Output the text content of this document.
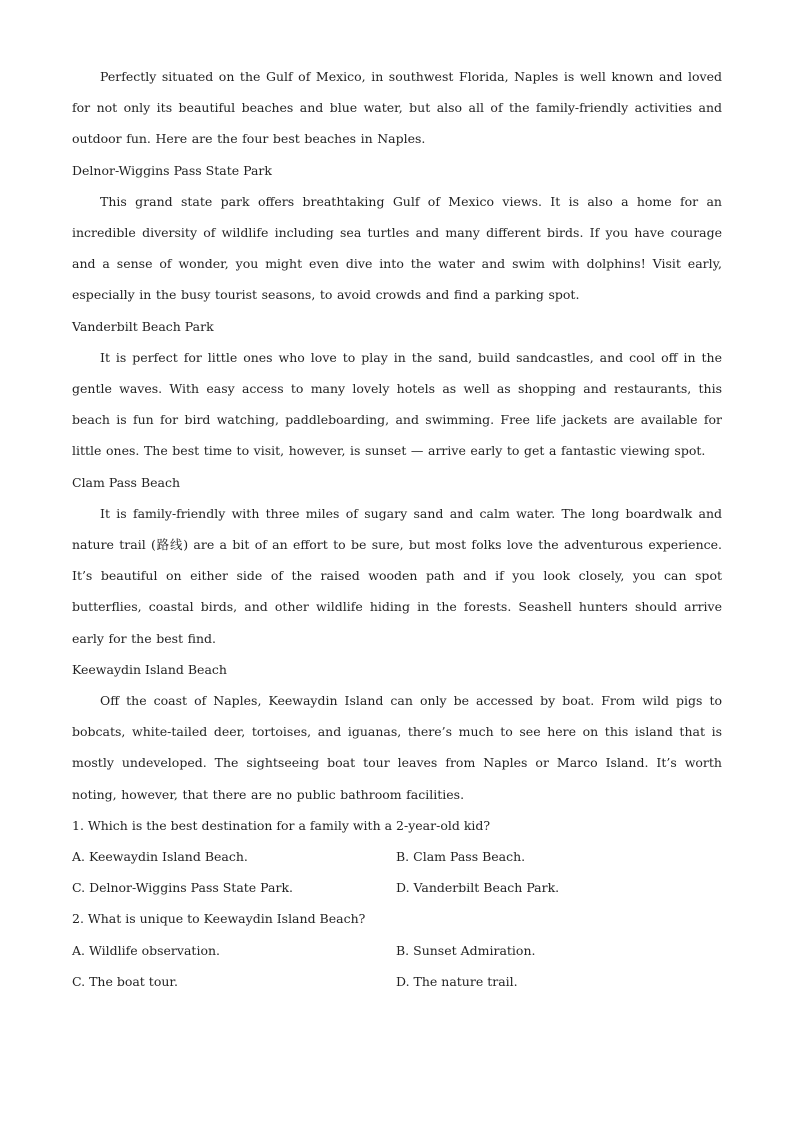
Perfectly situated on the Gulf of Mexico, in southwest Florida, Naples is well known and loved for not only its beautiful beaches and blue water, but also all of the family-friendly activities and outdoor fun. Here are the four best beaches in Naples.

Delnor-Wiggins Pass State Park

This grand state park offers breathtaking Gulf of Mexico views. It is also a home for an incredible diversity of wildlife including sea turtles and many different birds. If you have courage and a sense of wonder, you might even dive into the water and swim with dolphins! Visit early, especially in the busy tourist seasons, to avoid crowds and find a parking spot.

Vanderbilt Beach Park

It is perfect for little ones who love to play in the sand, build sandcastles, and cool off in the gentle waves. With easy access to many lovely hotels as well as shopping and restaurants, this beach is fun for bird watching, paddleboarding, and swimming. Free life jackets are available for little ones. The best time to visit, however, is sunset — arrive early to get a fantastic viewing spot.

Clam Pass Beach

It is family-friendly with three miles of sugary sand and calm water. The long boardwalk and nature trail (路线) are a bit of an effort to be sure, but most folks love the adventurous experience. It’s beautiful on either side of the raised wooden path and if you look closely, you can spot butterflies, coastal birds, and other wildlife hiding in the forests. Seashell hunters should arrive early for the best find.

Keewaydin Island Beach

Off the coast of Naples, Keewaydin Island can only be accessed by boat. From wild pigs to bobcats, white-tailed deer, tortoises, and iguanas, there’s much to see here on this island that is mostly undeveloped. The sightseeing boat tour leaves from Naples or Marco Island. It’s worth noting, however, that there are no public bathroom facilities.

1. Which is the best destination for a family with a 2-year-old kid?
A. Keewaydin Island Beach.	B. Clam Pass Beach.
C. Delnor-Wiggins Pass State Park.	D. Vanderbilt Beach Park.
2. What is unique to Keewaydin Island Beach?
A. Wildlife observation.	B. Sunset Admiration.
C. The boat tour.	D. The nature trail.
